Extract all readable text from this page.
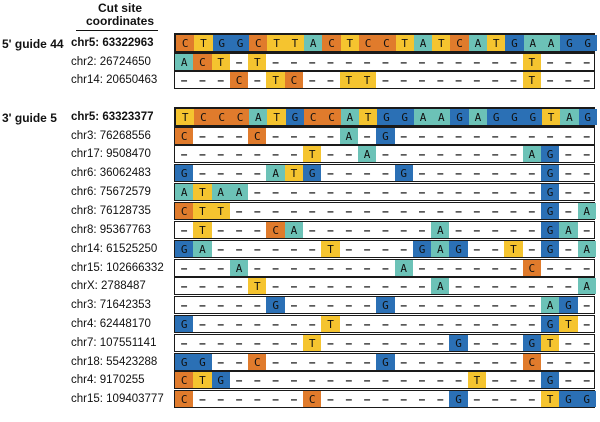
Cut site
coordinates
5' guide 44 chr5: 63322963	C	T	G	G	C	T	T	A	C	T	C	C	T	A	T	C	A	T	G	A	A	G	G
chr2: 26724650	A	C	T –	T – – – – – – – – – – – – – –	T – – –
chr14: 20650463	– – –	C –	T	C – –	T	T – – – – – – – –	T – – –
3' guide 5 chr5: 63323377	T	C	C	C	A	T	G	C	C	A	T	G	G	A	A	G	A	G	G	G	T	A	G
chr3: 76268556	C – – –	C – – – –	A –	G – – – – – – – – – – –
chr17: 9508470	– – – – – – –	T – –	A – – – – – – – –	A	G – –
chr6: 36062483	G – – – –	A	T	G – – – –	G – – – – – – –	G – –
chr6: 75672579	A	T	A	A – – – – – – – – – – – – – – – –	G – –
chr8: 76128735	C	T	T – – – – – – – – – – – – – – – – –	G –	A
chr8: 95367763	–	T – – –	C	A – – – – – – –	A – – – – –	G	A –
chr14: 61525250	G	A – – – – – –	T – – – –	G	A	G – –	T –	G –	A
chr15: 102666332	– – –	A – – – – – – – –	A – – – – – –	C – – –
chrX: 2788487	– – – –	T – – – – – – – – –	A – – – – – – –	A
chr3: 71642353	– – – – –	G – – – – –	G – – – – – – – –	A	G –
chr4: 62448170	G – – – – – – –	T – – – – – – – – – – –	G	T –
chr7: 107551141	– – – – – – –	T – – – – – – –	G – – –	G	T – –
chr18: 55423288	G	G – –	C – – – – – –	G – – – – – – –	C – – –
chr4: 9170255	C	T	G – – – – – – – – – – – – –	T – – –	G – –
chr15: 109403777	C – – – – – –	C – – – – – – –	G – – – –	T	G	G
